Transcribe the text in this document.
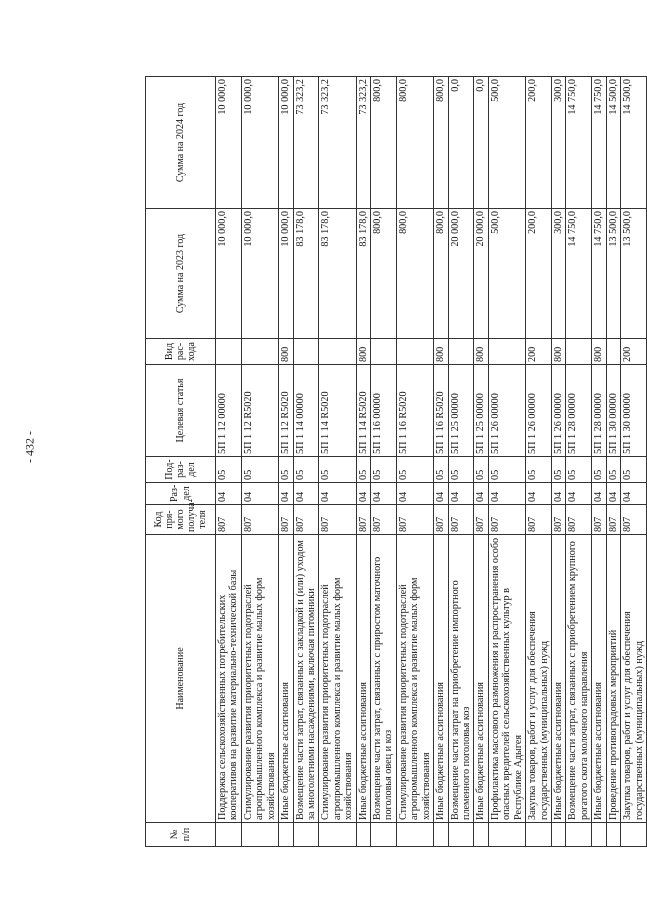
- 432 -
№ п/п	Наименование	Код пря- мого получа- теля	Раз- дел	Под- раз- дел	Целевая статья	Вид рас- хода	Сумма на 2023 год	Сумма на 2024 год
	Поддержка сельскохозяйственных потребительских кооперативов на развитие материально-технической базы	807	04	05	5П 1 12 00000		10 000,0	10 000,0
	Стимулирование развития приоритетных подотраслей агропромышленного комплекса и развитие малых форм хозяйствования	807	04	05	5П 1 12 R5020		10 000,0	10 000,0
	Иные бюджетные ассигнования	807	04	05	5П 1 12 R5020	800	10 000,0	10 000,0
	Возмещение части затрат, связанных с закладкой и (или) уходом за многолетними насаждениями, включая питомники	807	04	05	5П 1 14 00000		83 178,0	73 323,2
	Стимулирование развития приоритетных подотраслей агропромышленного комплекса и развитие малых форм хозяйствования	807	04	05	5П 1 14 R5020		83 178,0	73 323,2
	Иные бюджетные ассигнования	807	04	05	5П 1 14 R5020	800	83 178,0	73 323,2
	Возмещение части затрат, связанных с приростом маточного поголовья овец и коз	807	04	05	5П 1 16 00000		800,0	800,0
	Стимулирование развития приоритетных подотраслей агропромышленного комплекса и развитие малых форм хозяйствования	807	04	05	5П 1 16 R5020		800,0	800,0
	Иные бюджетные ассигнования	807	04	05	5П 1 16 R5020	800	800,0	800,0
	Возмещение части затрат на приобретение импортного племенного поголовья коз	807	04	05	5П 1 25 00000		20 000,0	0,0
	Иные бюджетные ассигнования	807	04	05	5П 1 25 00000	800	20 000,0	0,0
	Профилактика массового размножения и распространения особо опасных вредителей сельскохозяйственных культур в Республике Адыгея	807	04	05	5П 1 26 00000		500,0	500,0
	Закупка товаров, работ и услуг для обеспечения государственных (муниципальных) нужд	807	04	05	5П 1 26 00000	200	200,0	200,0
	Иные бюджетные ассигнования	807	04	05	5П 1 26 00000	800	300,0	300,0
	Возмещение части затрат, связанных с приобретением крупного рогатого скота молочного направления	807	04	05	5П 1 28 00000		14 750,0	14 750,0
	Иные бюджетные ассигнования	807	04	05	5П 1 28 00000	800	14 750,0	14 750,0
	Проведение противоградовых мероприятий	807	04	05	5П 1 30 00000		13 500,0	14 500,0
	Закупка товаров, работ и услуг для обеспечения государственных (муниципальных) нужд	807	04	05	5П 1 30 00000	200	13 500,0	14 500,0
